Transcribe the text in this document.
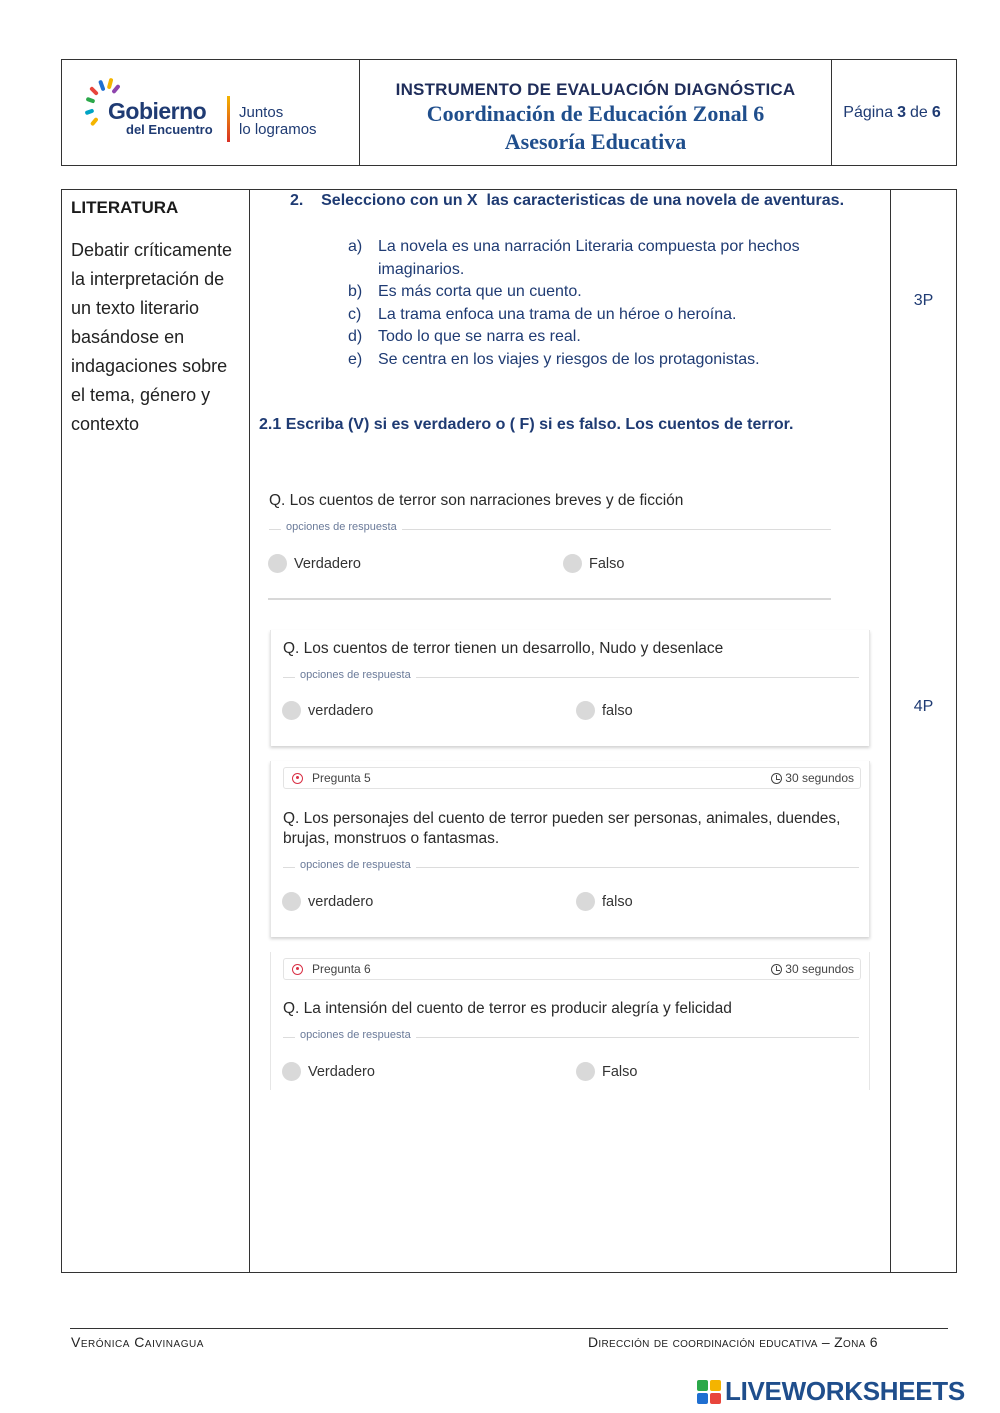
Gobierno
del Encuentro
Juntos
lo logramos
INSTRUMENTO DE EVALUACIÓN DIAGNÓSTICA
Coordinación de Educación Zonal 6
Asesoría Educativa
Página 3 de 6
LITERATURA
Debatir críticamente
la interpretación de
un texto literario
basándose en
indagaciones sobre
el tema, género y
contexto
3P
4P
2.    Selecciono con un X  las caracteristicas de una novela de aventuras.
a) La novela es una narración Literaria compuesta por hechos imaginarios.
b) Es más corta que un cuento.
c)	La trama enfoca una trama de un héroe o heroína.
d) Todo lo que se narra es real.
e) Se centra en los viajes y riesgos de los protagonistas.
2.1 Escriba (V) si es verdadero o ( F) si es falso. Los cuentos de terror.
Q. Los cuentos de terror son narraciones breves y de ficción
opciones de respuesta
Verdadero	Falso
Q. Los cuentos de terror tienen un desarrollo, Nudo y desenlace
opciones de respuesta
verdadero	falso
Pregunta 5	30 segundos
Q. Los personajes del cuento de terror pueden ser personas, animales, duendes,
brujas, monstruos o fantasmas.
opciones de respuesta
verdadero	falso
Pregunta 6	30 segundos
Q. La intensión del cuento de terror es producir alegría y felicidad
opciones de respuesta
Verdadero	Falso
Verónica Caivinagua	Dirección de coordinación educativa – Zona 6
LIVEWORKSHEETS
